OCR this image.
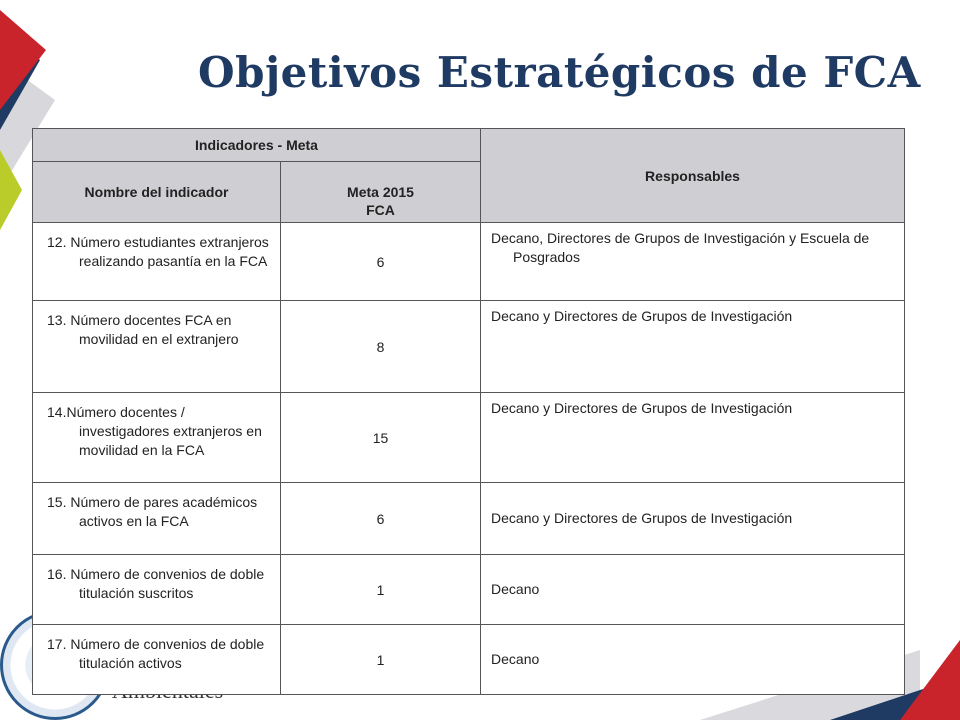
Objetivos Estratégicos de FCA
Indicadores - Meta		Responsables
Nombre del indicador	Meta 2015
FCA	

12. Número estudiantes extranjeros realizando pasantía en la FCA	6	Decano, Directores de Grupos de Investigación y Escuela de Posgrados

13. Número docentes FCA en movilidad en el extranjero	8	Decano y Directores de Grupos de Investigación

14.Número docentes / investigadores extranjeros en movilidad en la FCA	15	Decano y Directores de Grupos de Investigación

15. Número de pares académicos activos en la FCA	6	Decano y Directores de Grupos de Investigación

16. Número de convenios de doble titulación suscritos	1	Decano

17. Número de convenios de doble titulación activos	1	Decano
